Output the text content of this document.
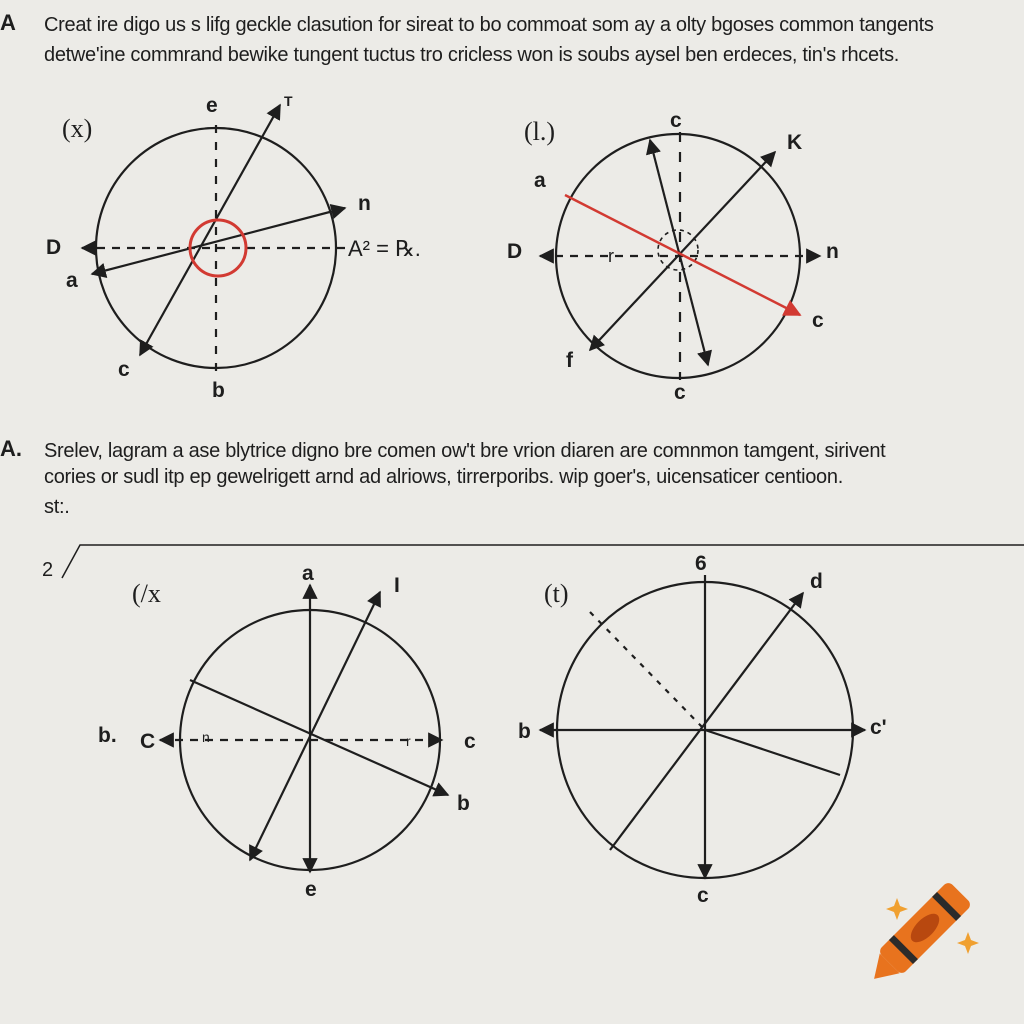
A Creat ire digo us s lifg geckle clasution for sireat to bo commoat som ay a olty bgoses common tangents
detwe'ine commrand bewike tungent tuctus tro cricless won is soubs aysel ben erdeces, tin's rhcets.
A. Srelev, lagram a ase blytrice digno bre comen ow't bre vrion diaren are comnmon tamgent, sirivent
cories or sudl itp ep gewelrigett arnd ad alriows, tirrerporibs. wip goer's, uicensaticer centioon.
st:.
(x)
e	T
n
D
a
c
b
A² = ℞.
(l.)	c
K
a
D	n
c
f
c
r
2
(/x
a
I
b. C	c
b
e
n	r
(t)
6
d
b	c'
c
